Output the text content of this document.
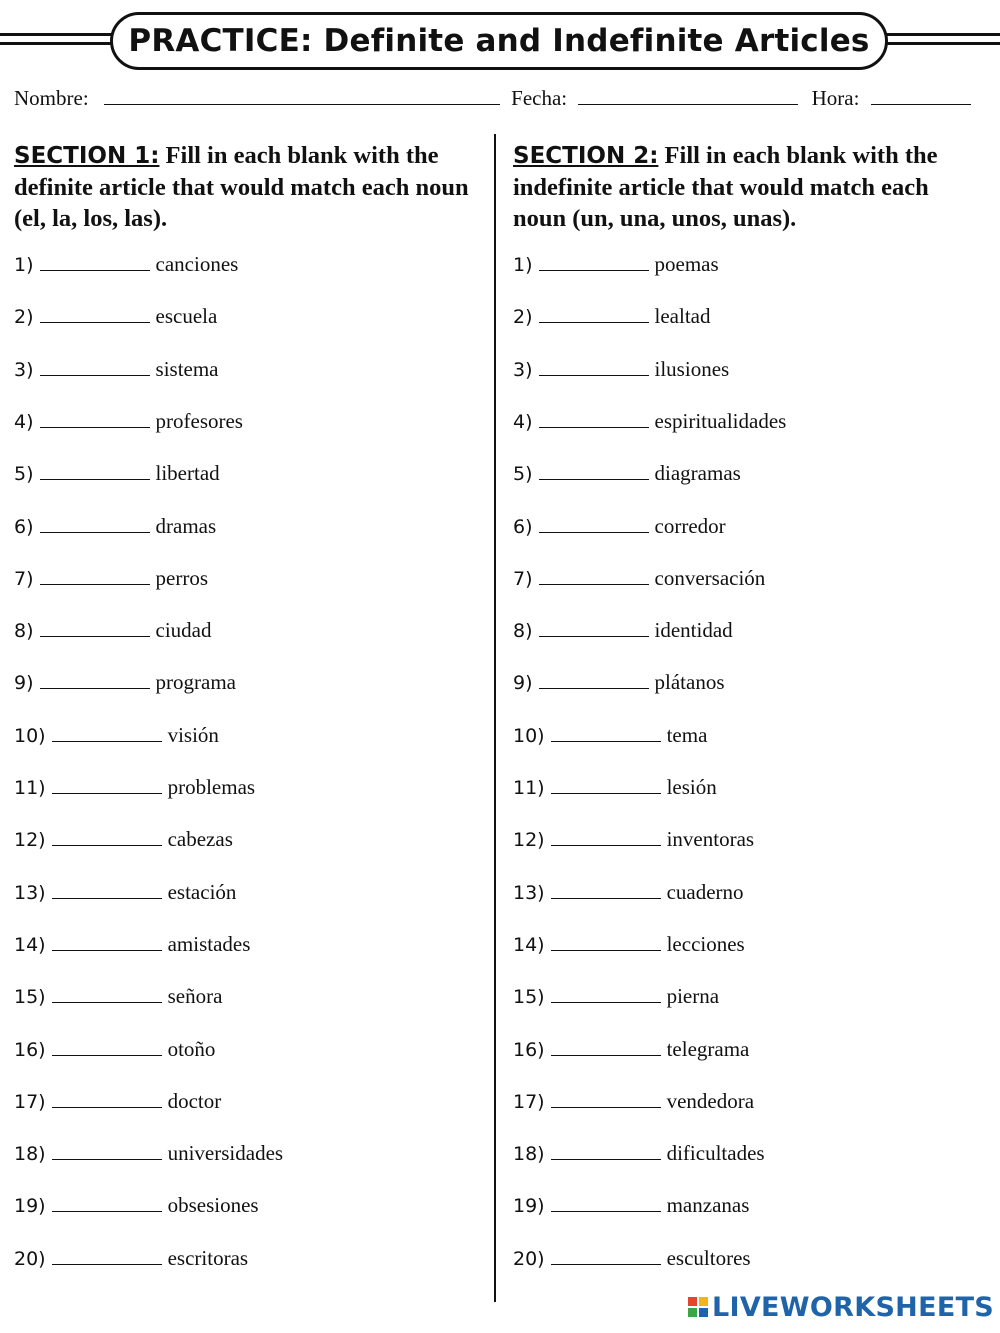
PRACTICE: Definite and Indefinite Articles
Nombre:	Fecha:	Hora:

SECTION 1: Fill in each blank with the definite article that would match each noun (el, la, los, las).

1)	canciones
2)	escuela
3)	sistema
4)	profesores
5)	libertad
6)	dramas
7)	perros
8)	ciudad
9)	programa
10)	visión
11)	problemas
12)	cabezas
13)	estación
14)	amistades
15)	señora
16)	otoño
17)	doctor
18)	universidades
19)	obsesiones
20)	escritoras

SECTION 2: Fill in each blank with the indefinite article that would match each noun (un, una, unos, unas).

1)	poemas
2)	lealtad
3)	ilusiones
4)	espiritualidades
5)	diagramas
6)	corredor
7)	conversación
8)	identidad
9)	plátanos
10)	tema
11)	lesión
12)	inventoras
13)	cuaderno
14)	lecciones
15)	pierna
16)	telegrama
17)	vendedora
18)	dificultades
19)	manzanas
20)	escultores
LIVEWORKSHEETS
